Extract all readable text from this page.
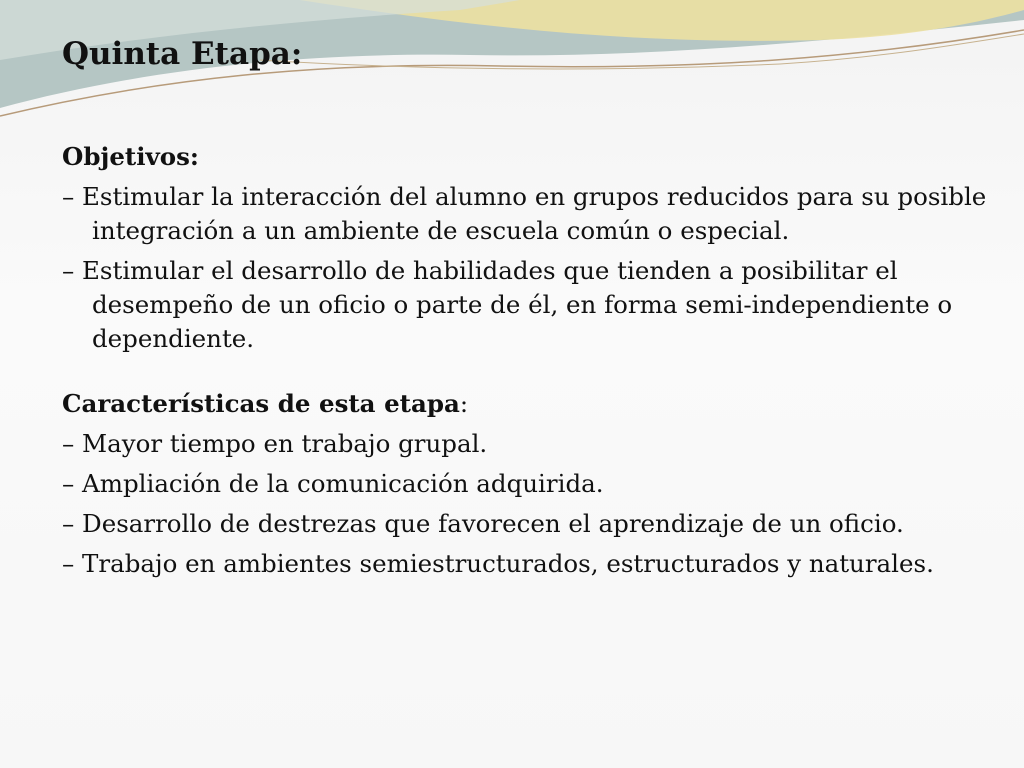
Quinta Etapa:

Objetivos:

– Estimular la interacción del alumno en grupos reducidos para su posible integración a un ambiente de escuela común o especial.

– Estimular el desarrollo de habilidades que tienden a posibilitar el desempeño de un oficio o parte de él, en forma semi-independiente o dependiente.

Características de esta etapa:

– Mayor tiempo en trabajo grupal.

– Ampliación de la comunicación adquirida.

– Desarrollo de destrezas que favorecen el aprendizaje de un oficio.

– Trabajo en ambientes semiestructurados, estructurados y naturales.
